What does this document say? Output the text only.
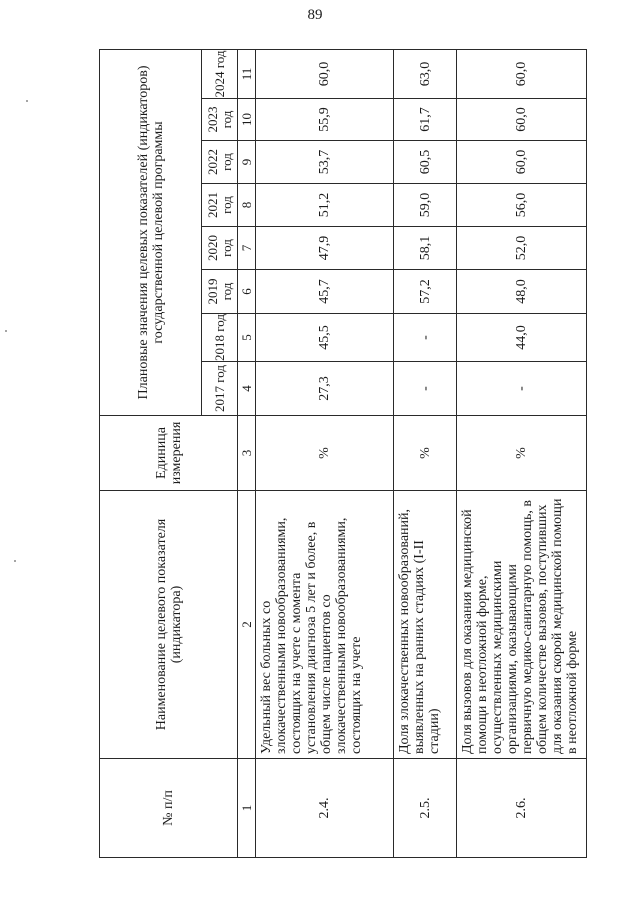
89
№ п/п	Наименование целевого показателя (индикатора)	Единица измерения	Плановые значения целевых показателей (индикаторов) государственной целевой программы							
			2017 год	2018 год	2019 год	2020 год	2021 год	2022 год	2023 год	2024 год
1	2	3	4	5	6	7	8	9	10	11
2.4.	Удельный вес больных со злокачественными новообразованиями, состоящих на учете с момента установления диагноза 5 лет и более, в общем числе пациентов со злокачественными новообразованиями, состоящих на учете	%	27,3	45,5	45,7	47,9	51,2	53,7	55,9	60,0
2.5.	Доля злокачественных новообразований, выявленных на ранних стадиях (I-II стадии)	%	-	-	57,2	58,1	59,0	60,5	61,7	63,0
2.6.	Доля вызовов для оказания медицинской помощи в неотложной форме, осуществленных медицинскими организациями, оказывающими первичную медико-санитарную помощь, в общем количестве вызовов, поступивших для оказания скорой медицинской помощи в неотложной форме	%	-	44,0	48,0	52,0	56,0	60,0	60,0	60,0
